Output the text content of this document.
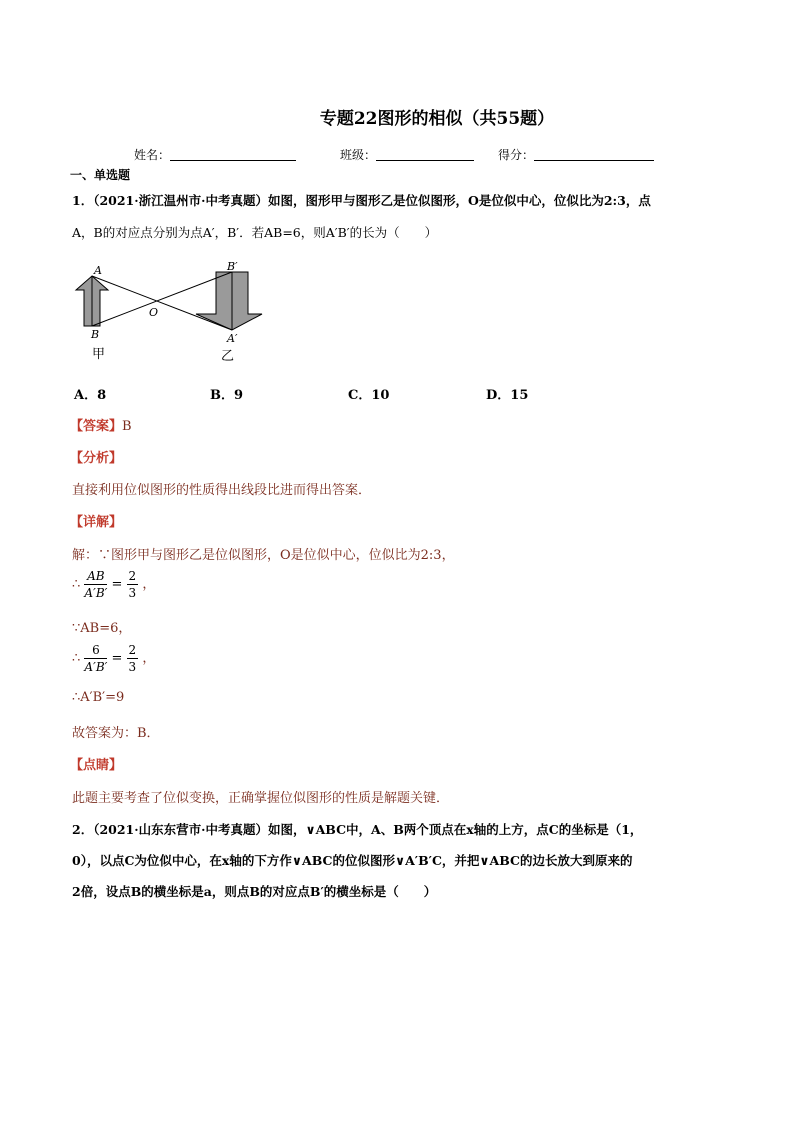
专题22图形的相似（共55题）
姓名：	班级：	得分：
一、单选题
1．（2021·浙江温州市·中考真题）如图，图形甲与图形乙是位似图形，O是位似中心，位似比为2:3，点
A，B的对应点分别为点A′，B′．若AB=6，则A′B′的长为（　　）
A
B
O
B′
A′
甲	乙
A．8	B．9	C．10	D．15
【答案】B
【分析】
直接利用位似图形的性质得出线段比进而得出答案．
【详解】
解：∵图形甲与图形乙是位似图形，O是位似中心，位似比为2:3，
∴ $\frac{AB}{A'B'} = \frac{2}{3}$ ，
∵AB=6，
∴ $\frac{6}{A'B'} = \frac{2}{3}$ ，
∴A′B′=9
故答案为：B．
【点睛】
此题主要考查了位似变换，正确掌握位似图形的性质是解题关键．
2．（2021·山东东营市·中考真题）如图，∨ABC中，A、B两个顶点在x轴的上方，点C的坐标是（1，
0），以点C为位似中心，在x轴的下方作∨ABC的位似图形∨A′B′C，并把∨ABC的边长放大到原来的
2倍，设点B的横坐标是a，则点B的对应点B′的横坐标是（　　）
